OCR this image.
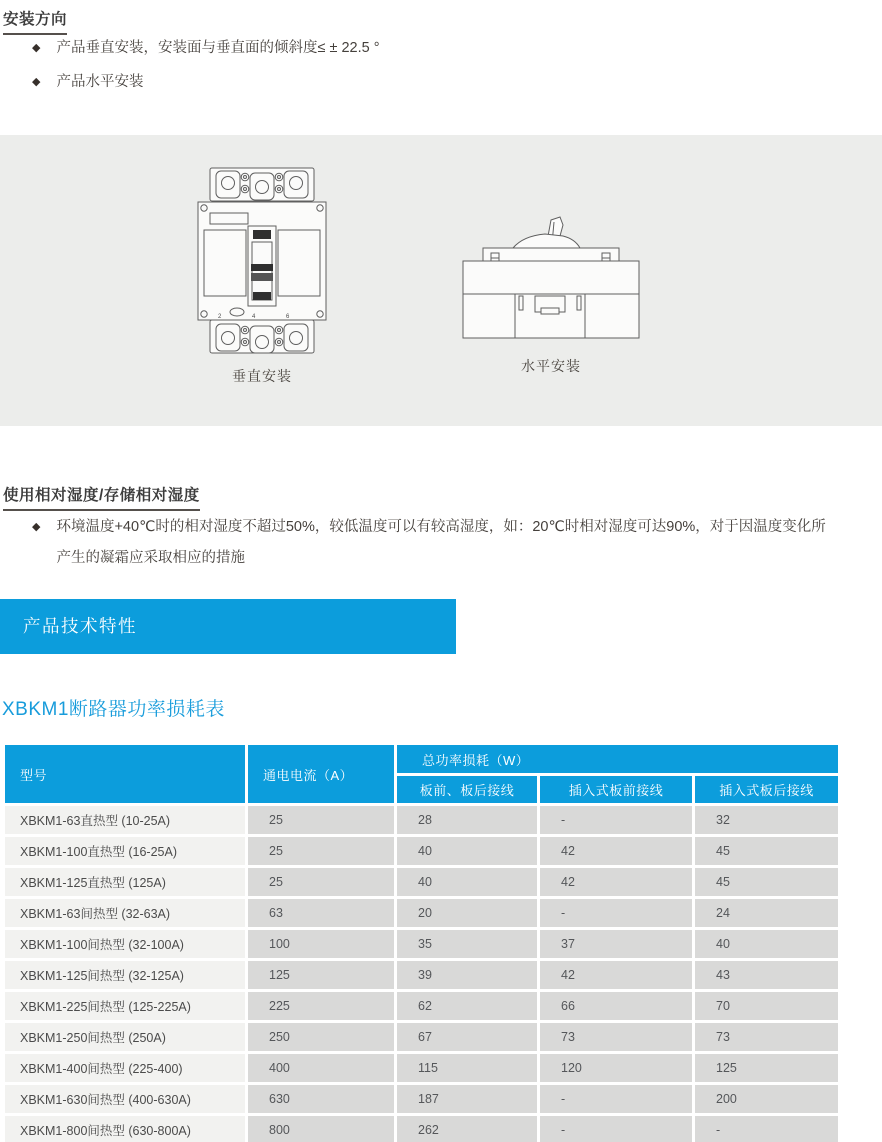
安装方向
◆ 产品垂直安装，安装面与垂直面的倾斜度≤ ± 22.5 °
◆ 产品水平安装
2	4	6
垂直安装
水平安装
使用相对湿度/存储相对湿度
◆ 环境温度+40℃时的相对湿度不超过50%，较低温度可以有较高湿度，如：20℃时相对湿度可达90%，对于因温度变化所产生的凝霜应采取相应的措施
产品技术特性
XBKM1断路器功率损耗表
型号	通电电流（A）	总功率损耗（W）		
		板前、板后接线	插入式板前接线	插入式板后接线
XBKM1-63直热型 (10-25A)	25	28	-	32
XBKM1-100直热型 (16-25A)	25	40	42	45
XBKM1-125直热型 (125A)	25	40	42	45
XBKM1-63间热型 (32-63A)	63	20	-	24
XBKM1-100间热型 (32-100A)	100	35	37	40
XBKM1-125间热型 (32-125A)	125	39	42	43
XBKM1-225间热型 (125-225A)	225	62	66	70
XBKM1-250间热型 (250A)	250	67	73	73
XBKM1-400间热型 (225-400)	400	115	120	125
XBKM1-630间热型 (400-630A)	630	187	-	200
XBKM1-800间热型 (630-800A)	800	262	-	-
